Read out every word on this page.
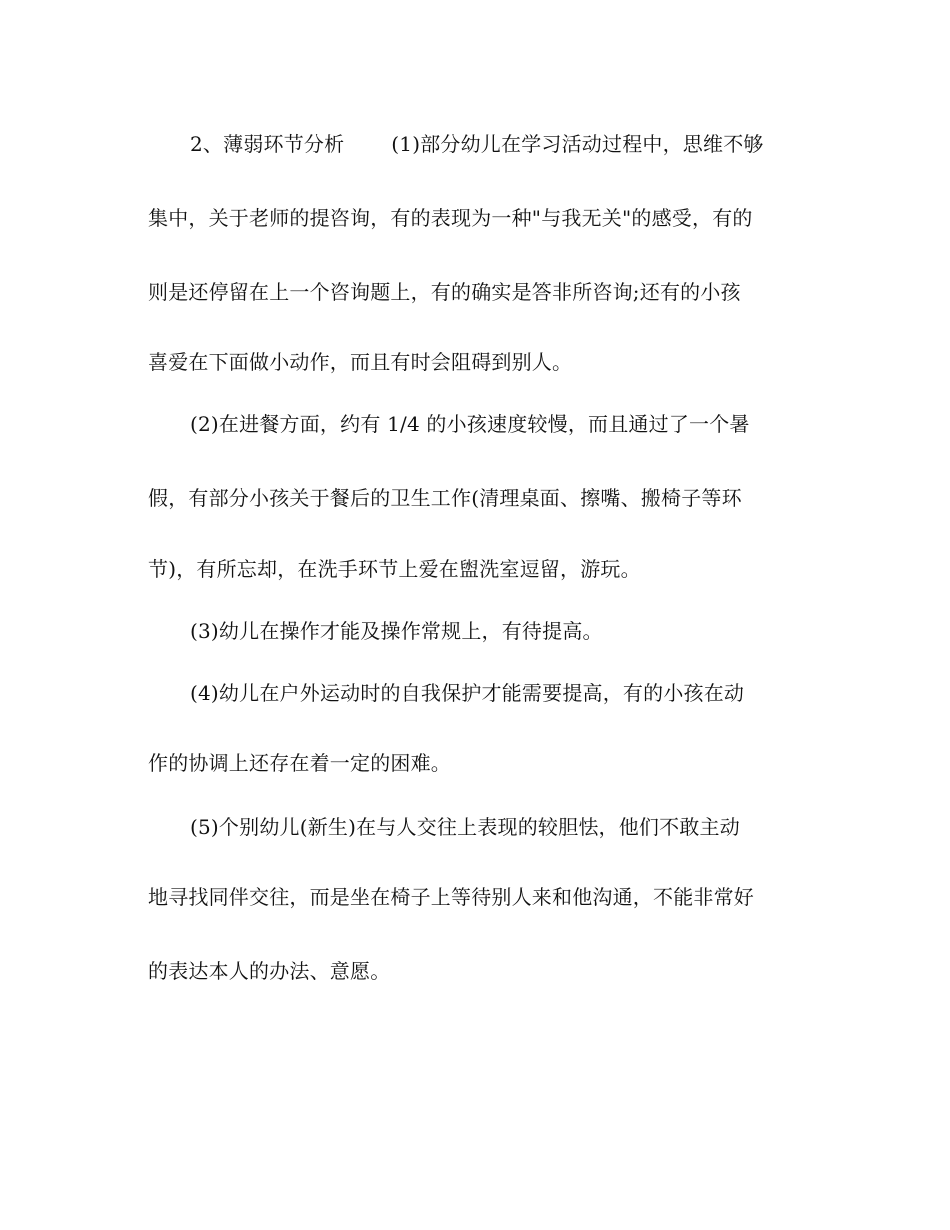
2、薄弱环节分析　　 (1)部分幼儿在学习活动过程中，思维不够
集中，关于老师的提咨询，有的表现为一种"与我无关"的感受，有的
则是还停留在上一个咨询题上，有的确实是答非所咨询;还有的小孩
喜爱在下面做小动作，而且有时会阻碍到别人。
(2)在进餐方面，约有 1/4 的小孩速度较慢，而且通过了一个暑
假，有部分小孩关于餐后的卫生工作(清理桌面、擦嘴、搬椅子等环
节)，有所忘却，在洗手环节上爱在盥洗室逗留，游玩。
(3)幼儿在操作才能及操作常规上，有待提高。
(4)幼儿在户外运动时的自我保护才能需要提高，有的小孩在动
作的协调上还存在着一定的困难。
(5)个别幼儿(新生)在与人交往上表现的较胆怯，他们不敢主动
地寻找同伴交往，而是坐在椅子上等待别人来和他沟通，不能非常好
的表达本人的办法、意愿。
